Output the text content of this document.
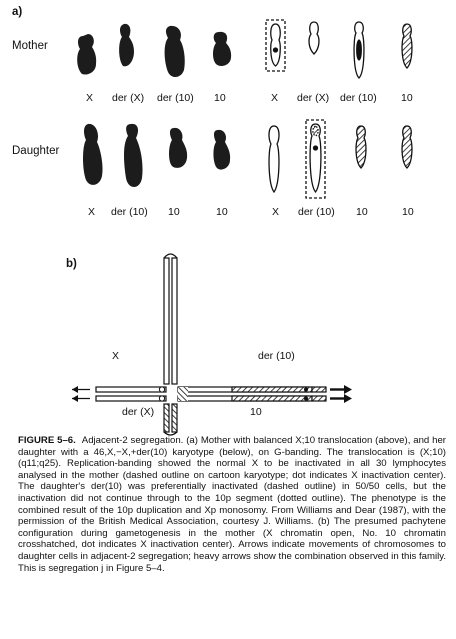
a)
Mother
Daughter
X der (X) der (10) 10	X der (X) der (10) 10
X der (10) 10	10	X der (10) 10	10
b)
X	der (10)
der (X)	10
FIGURE 5–6. Adjacent-2 segregation. (a) Mother with balanced X;10 translocation (above), and her daughter with a 46,X,−X,+der(10) karyotype (below), on G-banding. The translocation is (X;10)(q11;q25). Replication-banding showed the normal X to be inactivated in all 30 lymphocytes analysed in the mother (dashed outline on cartoon karyotype; dot indicates X inactivation center). The daughter's der(10) was preferentially inactivated (dashed outline) in 50/50 cells, but the inactivation did not continue through to the 10p segment (dotted outline). The phenotype is the combined result of the 10p duplication and Xp monosomy. From Williams and Dear (1987), with the permission of the British Medical Association, courtesy J. Williams. (b) The presumed pachytene configuration during gametogenesis in the mother (X chromatin open, No. 10 chromatin crosshatched, dot indicates X inactivation center). Arrows indicate movements of chromosomes to daughter cells in adjacent-2 segregation; heavy arrows show the combination observed in this family. This is segregation j in Figure 5–4.
